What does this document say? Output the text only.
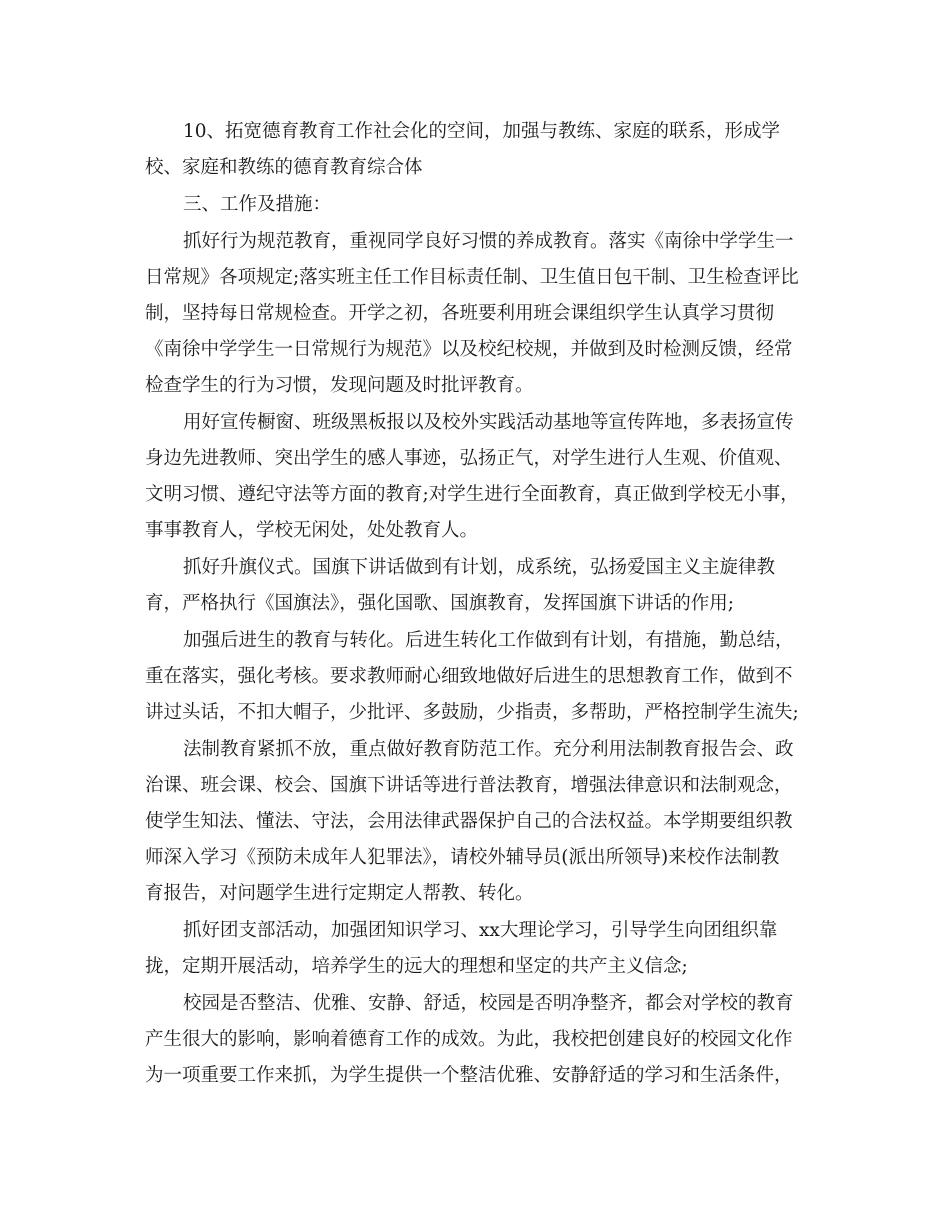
10、拓宽德育教育工作社会化的空间，加强与教练、家庭的联系，形成学
校、家庭和教练的德育教育综合体
三、工作及措施：
抓好行为规范教育，重视同学良好习惯的养成教育。落实《南徐中学学生一
日常规》各项规定;落实班主任工作目标责任制、卫生值日包干制、卫生检查评比
制，坚持每日常规检查。开学之初，各班要利用班会课组织学生认真学习贯彻
《南徐中学学生一日常规行为规范》以及校纪校规，并做到及时检测反馈，经常
检查学生的行为习惯，发现问题及时批评教育。
用好宣传橱窗、班级黑板报以及校外实践活动基地等宣传阵地，多表扬宣传
身边先进教师、突出学生的感人事迹，弘扬正气，对学生进行人生观、价值观、
文明习惯、遵纪守法等方面的教育;对学生进行全面教育，真正做到学校无小事，
事事教育人，学校无闲处，处处教育人。
抓好升旗仪式。国旗下讲话做到有计划，成系统，弘扬爱国主义主旋律教
育，严格执行《国旗法》，强化国歌、国旗教育，发挥国旗下讲话的作用;
加强后进生的教育与转化。后进生转化工作做到有计划，有措施，勤总结，
重在落实，强化考核。要求教师耐心细致地做好后进生的思想教育工作，做到不
讲过头话，不扣大帽子，少批评、多鼓励，少指责，多帮助，严格控制学生流失;
法制教育紧抓不放，重点做好教育防范工作。充分利用法制教育报告会、政
治课、班会课、校会、国旗下讲话等进行普法教育，增强法律意识和法制观念，
使学生知法、懂法、守法，会用法律武器保护自己的合法权益。本学期要组织教
师深入学习《预防未成年人犯罪法》，请校外辅导员(派出所领导)来校作法制教
育报告，对问题学生进行定期定人帮教、转化。
抓好团支部活动，加强团知识学习、xx大理论学习，引导学生向团组织靠
拢，定期开展活动，培养学生的远大的理想和坚定的共产主义信念;
校园是否整洁、优雅、安静、舒适，校园是否明净整齐，都会对学校的教育
产生很大的影响，影响着德育工作的成效。为此，我校把创建良好的校园文化作
为一项重要工作来抓，为学生提供一个整洁优雅、安静舒适的学习和生活条件，
